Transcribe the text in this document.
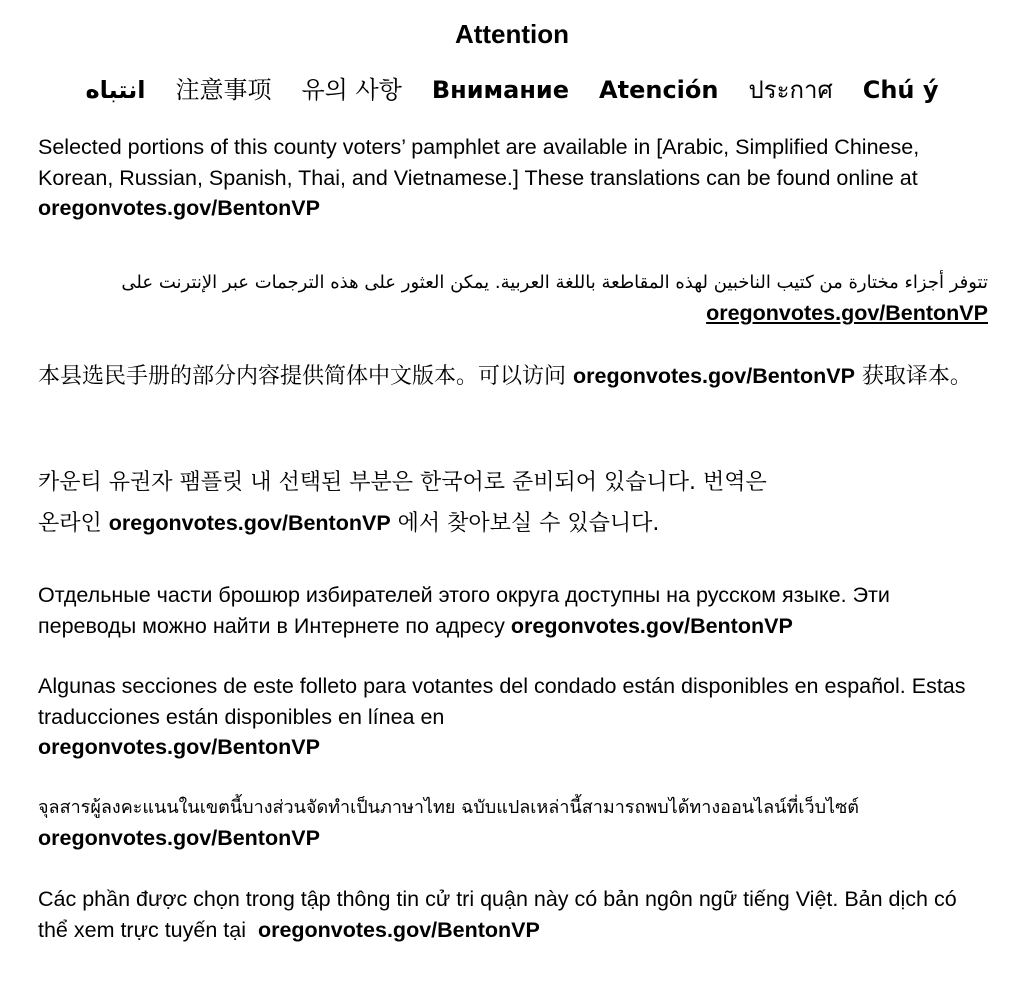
Attention
انتباه 注意事项 유의 사항 Внимание Atención ประกาศ Chú ý
Selected portions of this county voters’ pamphlet are available in [Arabic, Simplified Chinese, Korean, Russian, Spanish, Thai, and Vietnamese.] These translations can be found online at oregonvotes.gov/BentonVP
تتوفر أجزاء مختارة من كتيب الناخبين لهذه المقاطعة باللغة العربية. يمكن العثور على هذه الترجمات عبر الإنترنت على
oregonvotes.gov/BentonVP
本县选民手册的部分内容提供简体中文版本。可以访问 oregonvotes.gov/BentonVP 获取译本。
카운티 유권자 팸플릿 내 선택된 부분은 한국어로 준비되어 있습니다. 번역은
온라인 oregonvotes.gov/BentonVP 에서 찾아보실 수 있습니다.
Отдельные части брошюр избирателей этого округа доступны на русском языке. Эти переводы можно найти в Интернете по адресу oregonvotes.gov/BentonVP
Algunas secciones de este folleto para votantes del condado están disponibles en español. Estas traducciones están disponibles en línea en
oregonvotes.gov/BentonVP
จุลสารผู้ลงคะแนนในเขตนี้บางส่วนจัดทำเป็นภาษาไทย ฉบับแปลเหล่านี้สามารถพบได้ทางออนไลน์ที่เว็บไซต์
oregonvotes.gov/BentonVP
Các phần được chọn trong tập thông tin cử tri quận này có bản ngôn ngữ tiếng Việt. Bản dịch có thể xem trực tuyến tại  oregonvotes.gov/BentonVP
